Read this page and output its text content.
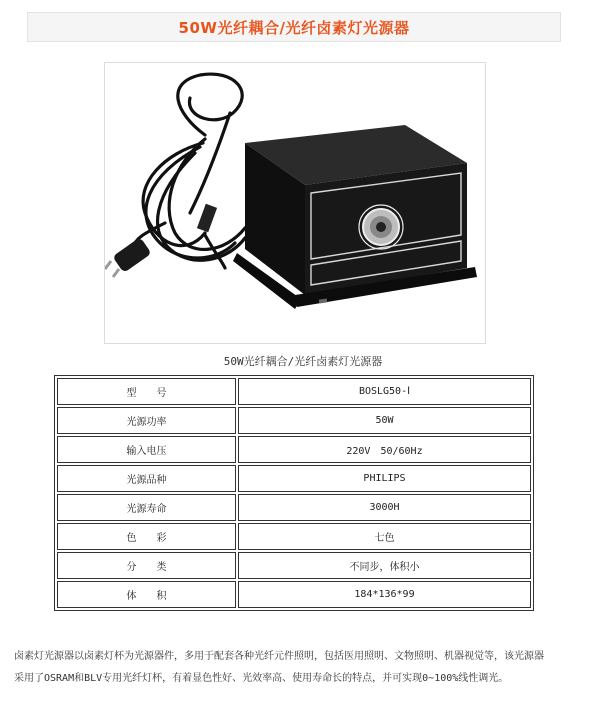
50W光纤耦合/光纤卤素灯光源器
50W光纤耦合/光纤卤素灯光源器
型　　号	BOSLG50-Ⅰ
光源功率	50W
输入电压	220V　50/60Hz
光源品种	PHILIPS
光源寿命	3000H
色　　彩	七色
分　　类	不同步，体积小
体　　积	184*136*99

卤素灯光源器以卤素灯杯为光源器件，多用于配套各种光纤元件照明，包括医用照明、文物照明、机器视觉等，该光源器

采用了OSRAM和BLV专用光纤灯杯，有着显色性好、光效率高、使用寿命长的特点，并可实现0~100%线性调光。
